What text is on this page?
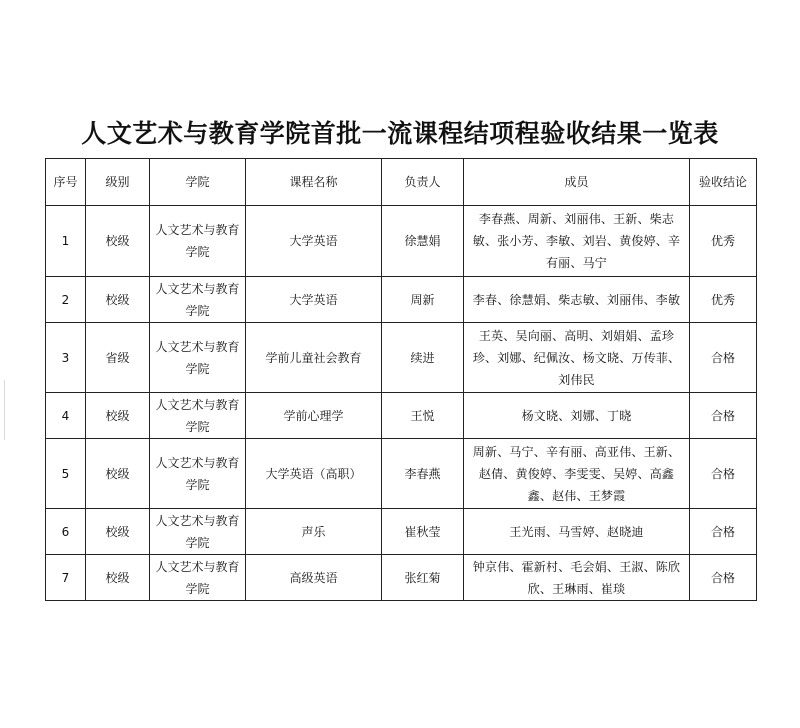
人文艺术与教育学院首批一流课程结项程验收结果一览表
序号	级别	学院	课程名称	负责人	成员	验收结论
1	校级	人文艺术与教育学院	大学英语	徐慧娟	李春燕、周新、刘丽伟、王新、柴志敏、张小芳、李敏、刘岩、黄俊婷、辛有丽、马宁	优秀
2	校级	人文艺术与教育学院	大学英语	周新	李春、徐慧娟、柴志敏、刘丽伟、李敏	优秀
3	省级	人文艺术与教育学院	学前儿童社会教育	续进	王英、吴向丽、高明、刘娟娟、孟珍珍、刘娜、纪佩汝、杨文晓、万传菲、刘伟民	合格
4	校级	人文艺术与教育学院	学前心理学	王悦	杨文晓、刘娜、丁晓	合格
5	校级	人文艺术与教育学院	大学英语（高职）	李春燕	周新、马宁、辛有丽、高亚伟、王新、赵倩、黄俊婷、李雯雯、吴婷、高鑫鑫、赵伟、王梦霞	合格
6	校级	人文艺术与教育学院	声乐	崔秋莹	王光雨、马雪婷、赵晓迪	合格
7	校级	人文艺术与教育学院	高级英语	张红菊	钟京伟、霍新村、毛会娟、王淑、陈欣欣、王琳雨、崔琰	合格
